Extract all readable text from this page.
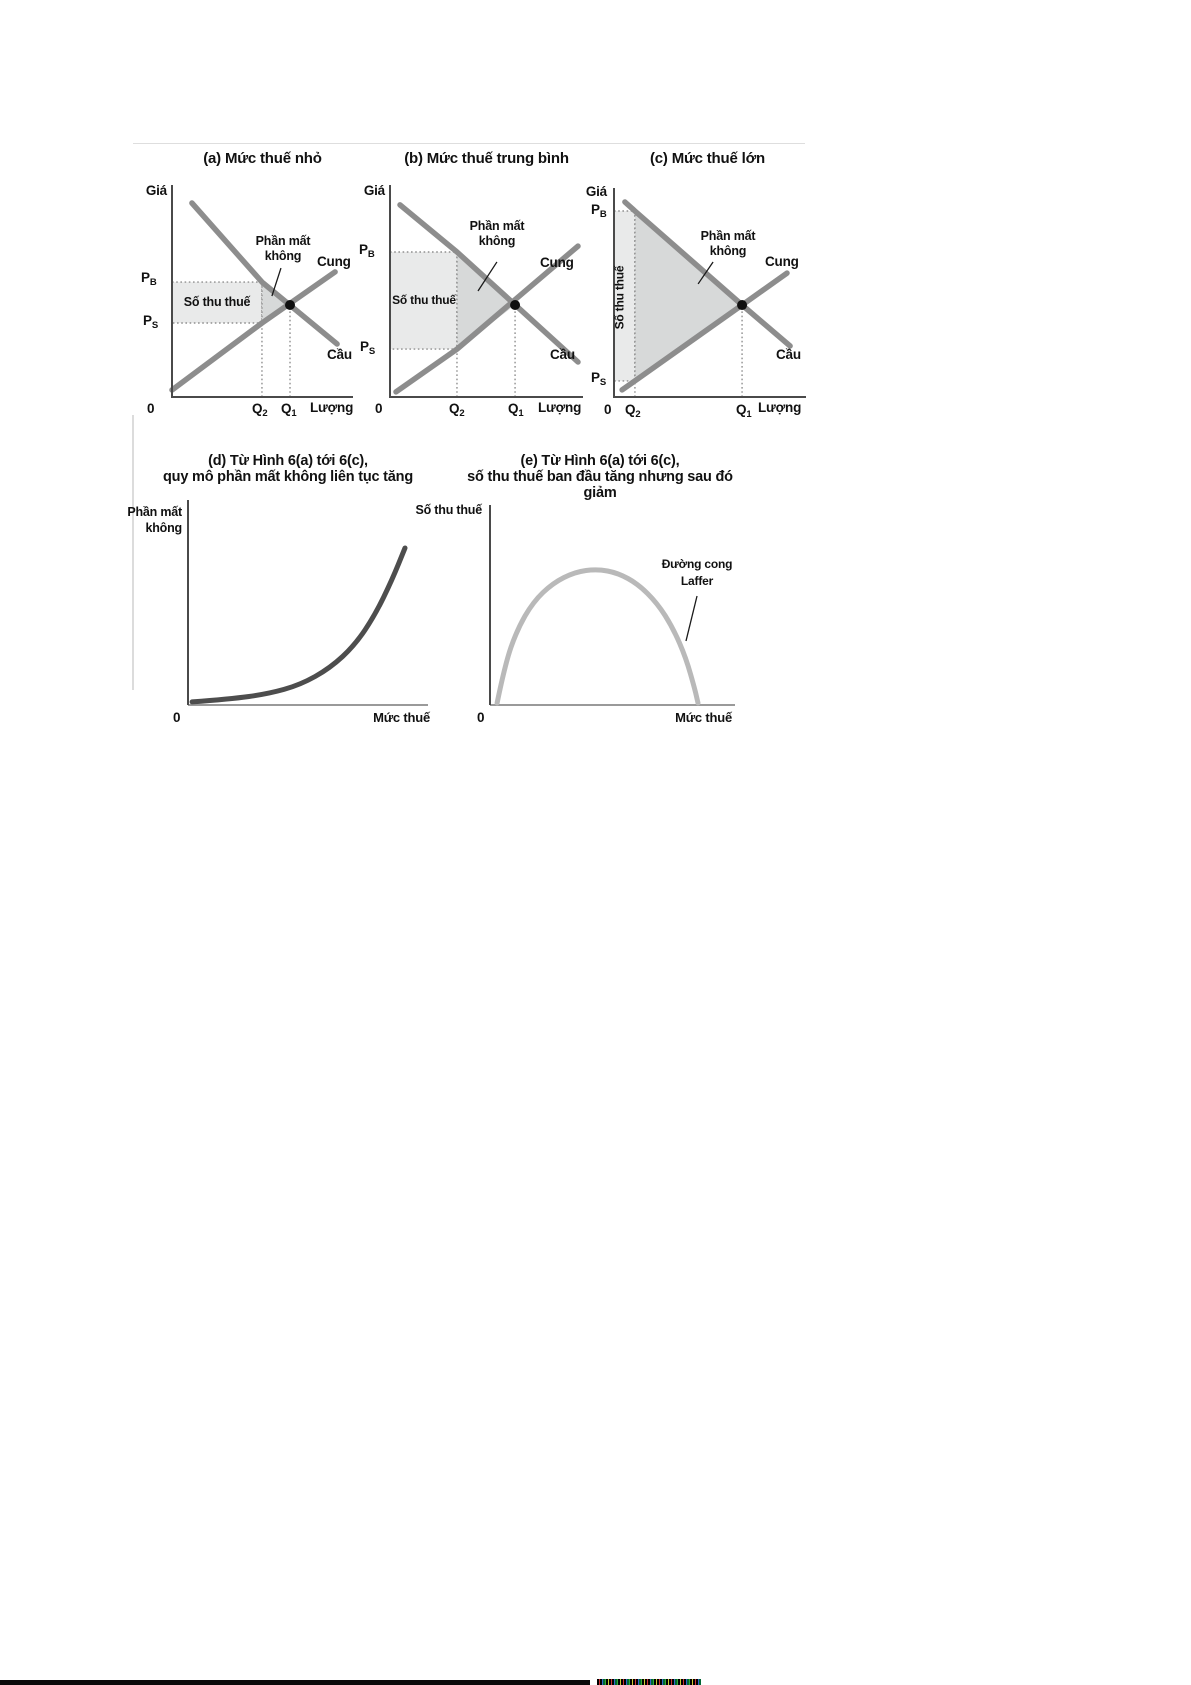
(a) Mức thuế nhỏ
Giá
$P_B$
$P_S$
Số thu thuế
Phần mất
không	Cung
Cầu
0	$Q_2$ $Q_1$ Lượng
(b) Mức thuế trung bình
Giá
$P_B$
$P_S$
Số thu thuế
Phần mất
không
Cung
Cầu
0	$Q_2$	$Q_1$ Lượng
(c) Mức thuế lớn
Giá
$P_B$
$P_S$
Số thu thuế
Phần mất
không
Cung
Cầu
0 $Q_2$	$Q_1$ Lượng
(d) Từ Hình 6(a) tới 6(c),
quy mô phần mất không liên tục tăng
Phần mất
không
0	Mức thuế
(e) Từ Hình 6(a) tới 6(c),
số thu thuế ban đầu tăng nhưng sau đó giảm
Số thu thuế
Đường cong
Laffer
0	Mức thuế
